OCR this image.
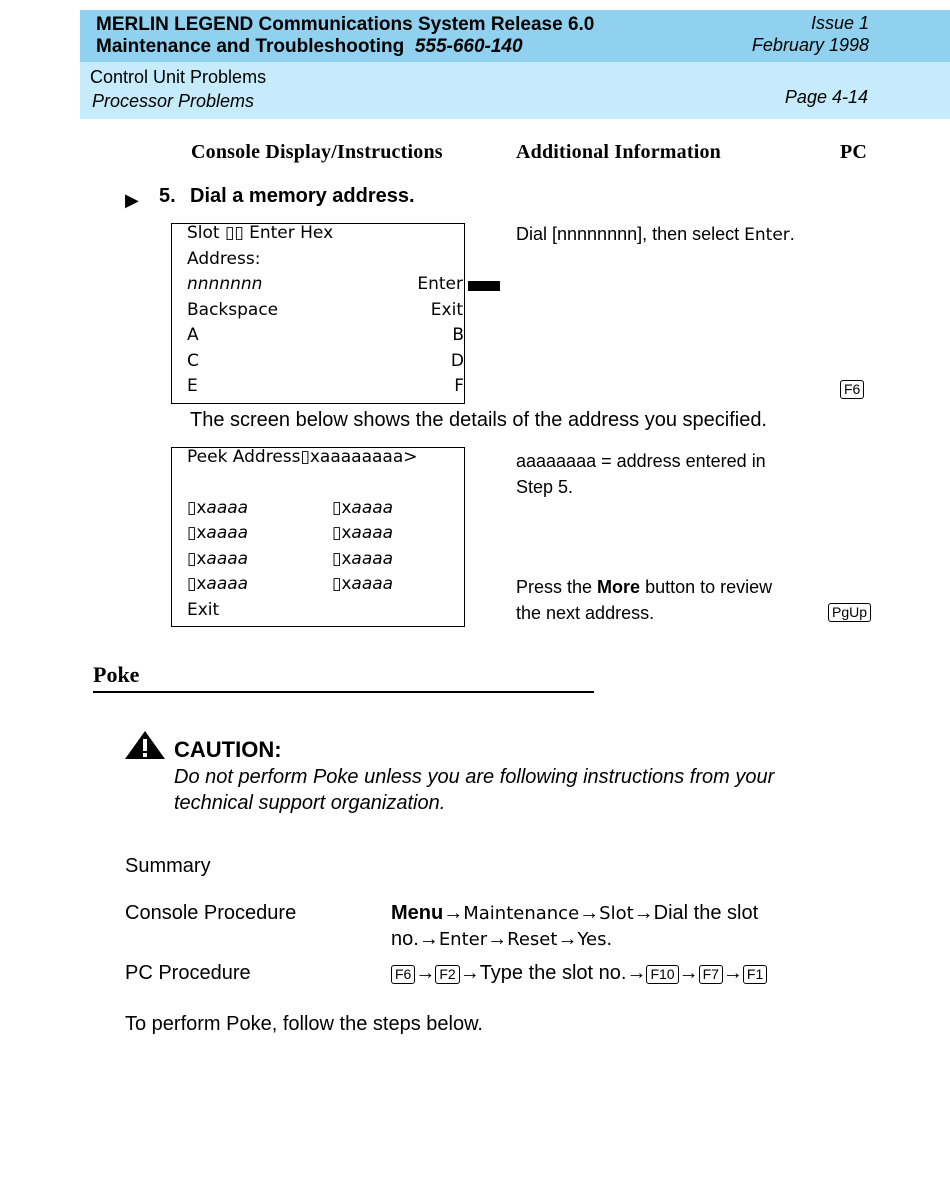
MERLIN LEGEND Communications System Release 6.0
Maintenance and Troubleshooting 555-660-140
Issue 1
February 1998
Control Unit Problems
Processor Problems	Page 4-14
Console Display/Instructions	Additional Information	PC
▶ 5. Dial a memory address.
Slot ▯▯ Enter Hex
Address:
nnnnnnn	Enter
Backspace	Exit
A	B
C	D
E	F
Dial [nnnnnnnn], then select Enter.
F6
The screen below shows the details of the address you specified.
Peek Address▯xaaaaaaaa>
▯xaaaa	▯xaaaa
▯xaaaa	▯xaaaa
▯xaaaa	▯xaaaa
▯xaaaa	▯xaaaa
Exit
aaaaaaaa = address entered in
Step 5.
Press the More button to review
the next address.	PgUp
Poke
CAUTION:
Do not perform Poke unless you are following instructions from your
technical support organization.
Summary
Console Procedure	Menu→Maintenance→Slot→Dial the slot
no.→Enter→Reset→Yes.
PC Procedure	F6 → F2 →Type the slot no.→ F10 → F7 → F1
To perform Poke, follow the steps below.
